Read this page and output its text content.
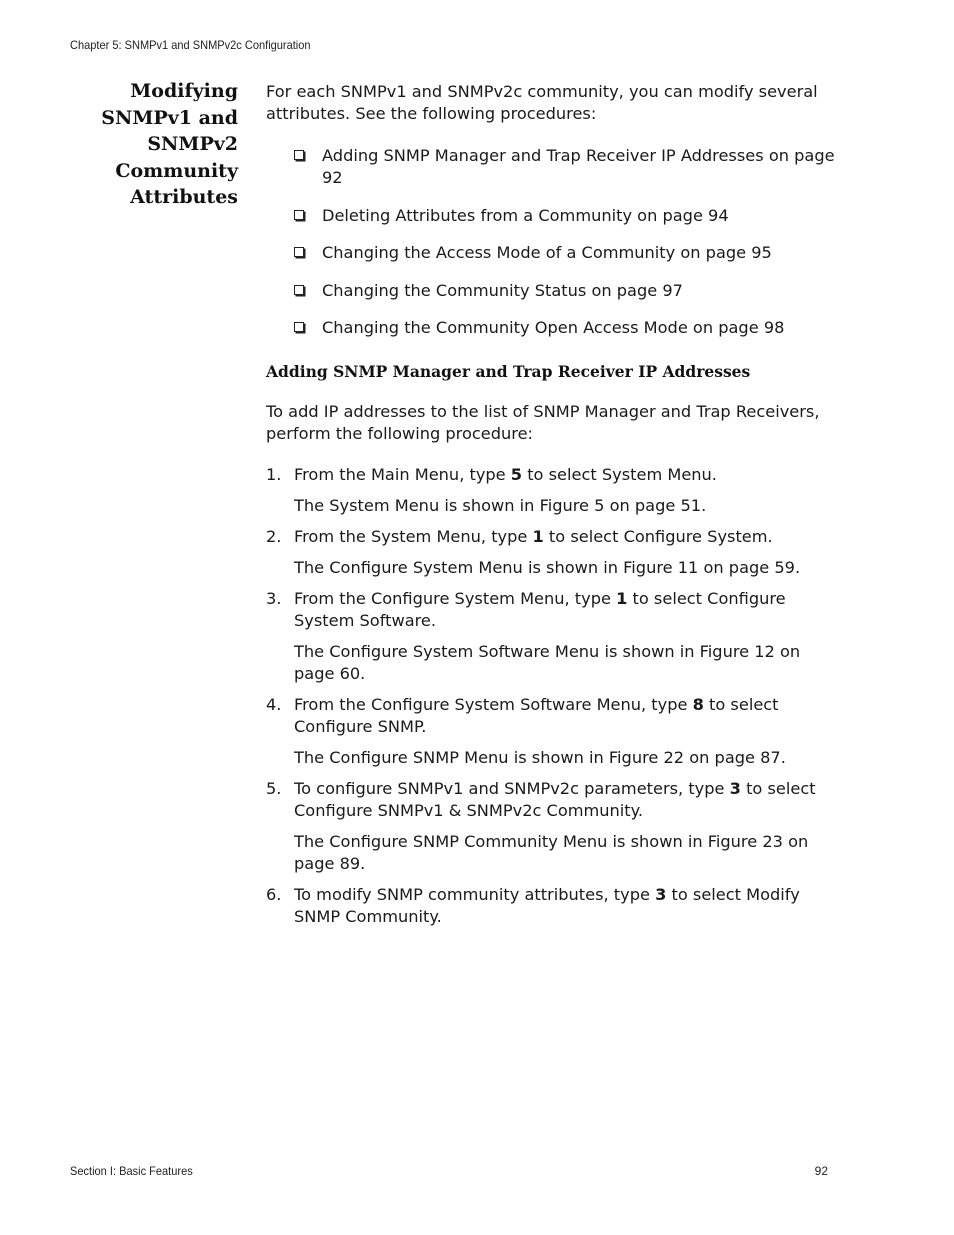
Chapter 5: SNMPv1 and SNMPv2c Configuration
Modifying
SNMPv1 and
SNMPv2
Community
Attributes

For each SNMPv1 and SNMPv2c community, you can modify several attributes. See the following procedures:

Adding SNMP Manager and Trap Receiver IP Addresses on page 92
Deleting Attributes from a Community on page 94
Changing the Access Mode of a Community on page 95
Changing the Community Status on page 97
Changing the Community Open Access Mode on page 98
Adding SNMP Manager and Trap Receiver IP Addresses

To add IP addresses to the list of SNMP Manager and Trap Receivers, perform the following procedure:

1. From the Main Menu, type 5 to select System Menu.

The System Menu is shown in Figure 5 on page 51.

2. From the System Menu, type 1 to select Configure System.

The Configure System Menu is shown in Figure 11 on page 59.

3. From the Configure System Menu, type 1 to select Configure System Software.

The Configure System Software Menu is shown in Figure 12 on page 60.

4. From the Configure System Software Menu, type 8 to select Configure SNMP.

The Configure SNMP Menu is shown in Figure 22 on page 87.

5. To configure SNMPv1 and SNMPv2c parameters, type 3 to select Configure SNMPv1 & SNMPv2c Community.

The Configure SNMP Community Menu is shown in Figure 23 on page 89.

6. To modify SNMP community attributes, type 3 to select Modify SNMP Community.
Section I: Basic Features	92
